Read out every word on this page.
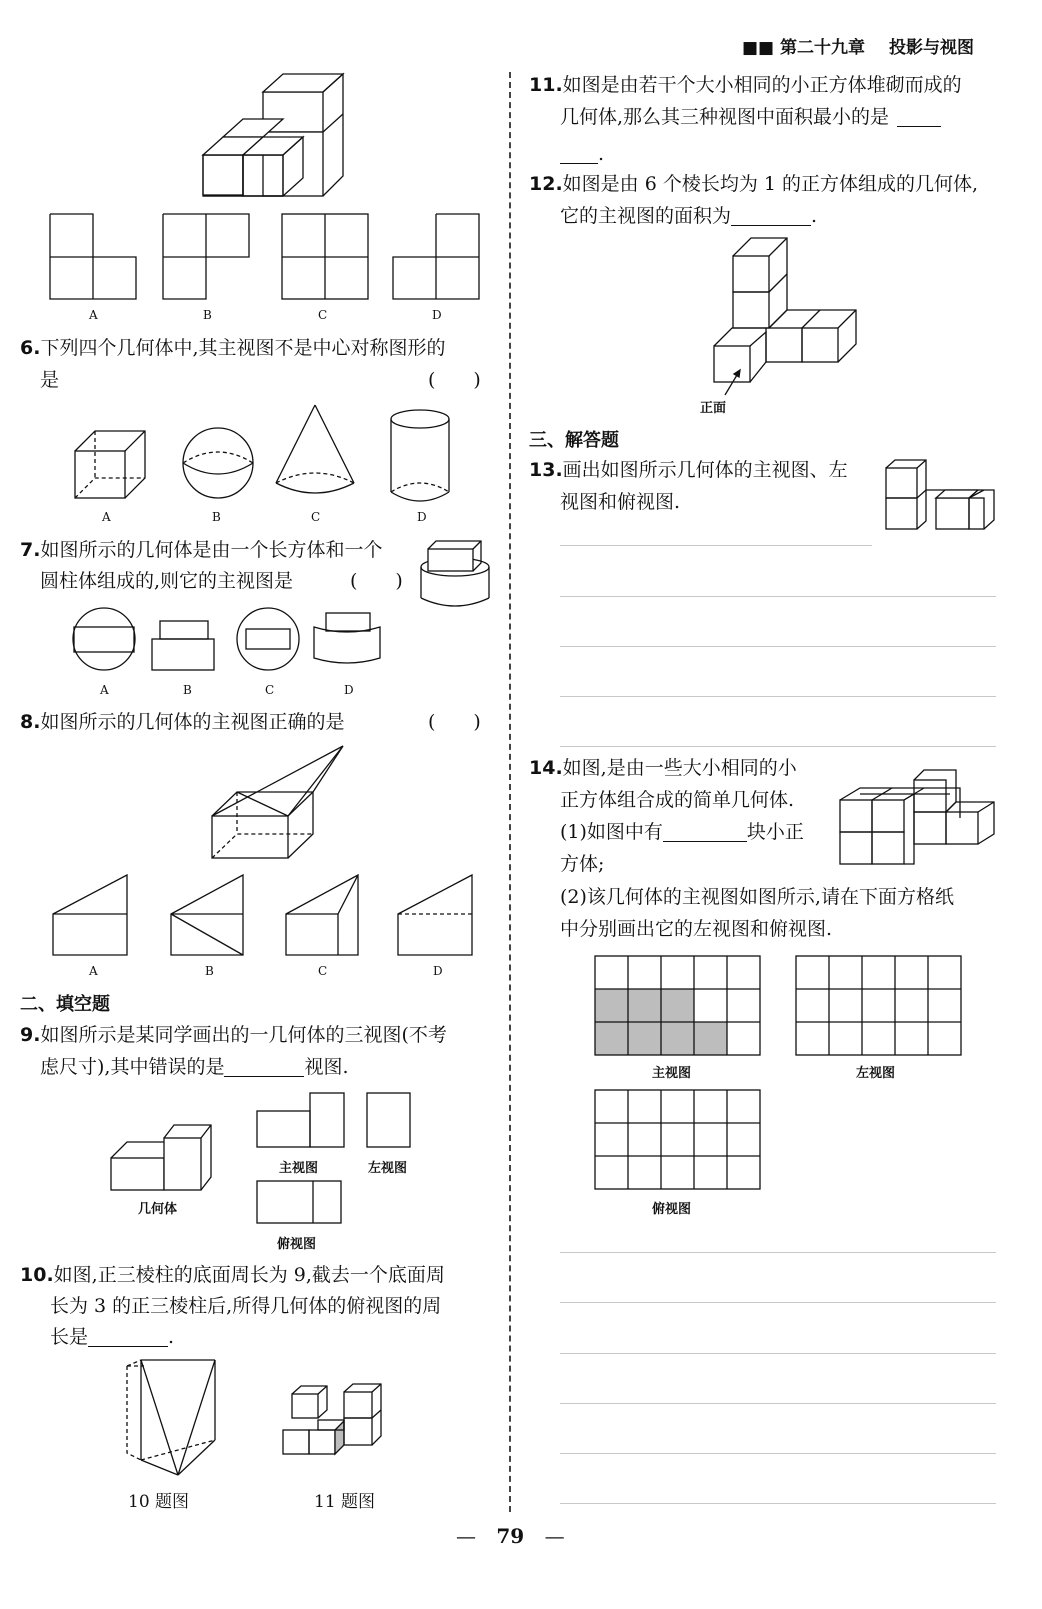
■■ 第二十九章 投影与视图
A	B	C	D
6.下列四个几何体中,其主视图不是中心对称图形的
是	(　　)
A	B	C	D
7.如图所示的几何体是由一个长方体和一个
圆柱体组成的,则它的主视图是	(　　)
A	B	C	D
8.如图所示的几何体的主视图正确的是	(　　)
A	B	C	D
二、填空题
9.如图所示是某同学画出的一几何体的三视图(不考
虑尺寸),其中错误的是	视图.
几何体
主视图	左视图
俯视图
10.如图,正三棱柱的底面周长为 9,截去一个底面周
长为 3 的正三棱柱后,所得几何体的俯视图的周
长是	.
10 题图	11 题图
11.如图是由若干个大小相同的小正方体堆砌而成的
几何体,那么其三种视图中面积最小的是
.
12.如图是由 6 个棱长均为 1 的正方体组成的几何体,
它的主视图的面积为	.
正面
三、解答题
13.画出如图所示几何体的主视图、左
视图和俯视图.
14.如图,是由一些大小相同的小
正方体组合成的简单几何体.
(1)如图中有	块小正
方体;
(2)该几何体的主视图如图所示,请在下面方格纸
中分别画出它的左视图和俯视图.
主视图	左视图
俯视图
— 79 —
